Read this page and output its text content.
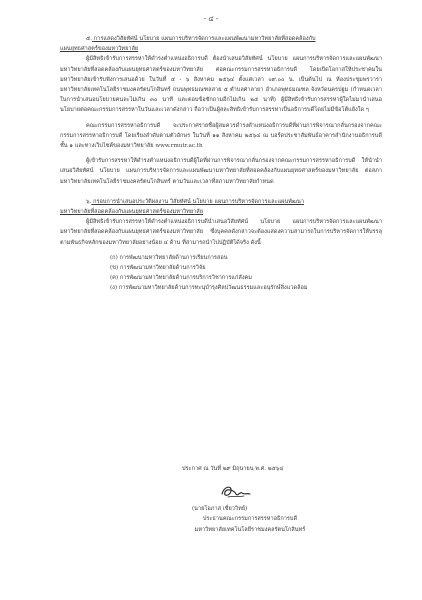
- ๔ -

๕. การแสดงวิสัยทัศน์ นโยบาย แผนการบริหารจัดการและแผนพัฒนามหาวิทยาลัยที่สอดคล้องกับ

แผนยุทธศาสตร์ของมหาวิทยาลัย

ผู้มีสิทธิเข้ารับการสรรหาให้ดำรงตำแหน่งอธิการบดี ต้องนำเสนอวิสัยทัศน์ นโยบาย แผนการบริหารจัดการและแผนพัฒนามหาวิทยาลัยที่สอดคล้องกับแผนยุทธศาสตร์ของมหาวิทยาลัย ต่อคณะกรรมการสรรหาอธิการบดี โดยเปิดโอกาสให้ประชาคมในมหาวิทยาลัยเข้ารับฟังการเสนอด้วย ในวันที่ ๕ - ๖ สิงหาคม ๒๕๖๔ ตั้งแต่เวลา ๐๙.๐๐ น. เป็นต้นไป ณ ห้องประชุมพรวารา มหาวิทยาลัยเทคโนโลยีราชมงคลรัตนโกสินทร์ ถนนพุทธมณฑลสาย ๕ ตำบลศาลายา อำเภอพุทธมณฑล จังหวัดนครปฐม (กำหนดเวลาในการนำเสนอนโยบายคนละไม่เกิน ๓๐ นาที และตอบข้อซักถามอีกไม่เกิน ๒๕ นาที) ผู้มีสิทธิเข้ารับการสรรหาผู้ใดไม่มานำเสนอนโยบายต่อคณะกรรมการสรรหาในวันและเวลาดังกล่าว ถือว่าเป็นผู้สละสิทธิเข้ารับการสรรหาเป็นอธิการบดีโดยไม่มีข้อโต้แย้งใด ๆ

คณะกรรมการสรรหาอธิการบดี จะประกาศรายชื่อผู้สมควรดำรงตำแหน่งอธิการบดีที่ผ่านการพิจารณากลั่นกรองจากคณะกรรมการสรรหาอธิการบดี โดยเรียงลำดับตามตัวอักษร ในวันที่ ๑๑ สิงหาคม ๒๕๖๔ ณ บอร์ดประชาสัมพันธ์อาคารสำนักงานอธิการบดี ชั้น ๑ และทางเว็บไซต์ของมหาวิทยาลัย www.rmutr.ac.th

ผู้เข้ารับการสรรหาให้ดำรงตำแหน่งอธิการบดีผู้ใดที่ผ่านการพิจารณากลั่นกรองจากคณะกรรมการสรรหาอธิการบดี ให้นำนำเสนอวิสัยทัศน์ นโยบาย แผนการบริหารจัดการและแผนพัฒนามหาวิทยาลัยที่สอดคล้องกับแผนยุทธศาสตร์ของมหาวิทยาลัย ต่อสภามหาวิทยาลัยเทคโนโลยีราชมงคลรัตนโกสินทร์ ตามวันและเวลาที่สภามหาวิทยาลัยกำหนด

๖. กรอบการนำเสนอประวัติผลงาน วิสัยทัศน์ นโยบาย แผนการบริหารจัดการและแผนพัฒนา

มหาวิทยาลัยที่สอดคล้องกับแผนยุทธศาสตร์ของมหาวิทยาลัย

ผู้มีสิทธิเข้ารับการสรรหาให้ดำรงตำแหน่งอธิการบดีนำเสนอวิสัยทัศน์ นโยบาย แผนการบริหารจัดการและแผนพัฒนามหาวิทยาลัยที่สอดคล้องกับแผนยุทธศาสตร์ของมหาวิทยาลัย ซึ่งบุคคลดังกล่าวจะต้องแสดงความสามารถในการบริหารจัดการให้บรรลุตามพันธกิจหลักของมหาวิทยาลัยอย่างน้อย ๔ ด้าน ที่สามารถนำไปปฏิบัติได้จริง ดังนี้

(ก) การพัฒนามหาวิทยาลัยด้านการเรียนการสอน
(ข) การพัฒนามหาวิทยาลัยด้านการวิจัย
(ค) การพัฒนามหาวิทยาลัยด้านการบริการวิชาการแก่สังคม
(ง) การพัฒนามหาวิทยาลัยด้านการทะนุบำรุงศิลปวัฒนธรรมและอนุรักษ์สิ่งแวดล้อม
ประกาศ ณ วันที่ ๒๙ มิถุนายน พ.ศ. ๒๕๖๔
(นายโอภาส เชี่ยววิทย์)
ประธานคณะกรรมการสรรหาอธิการบดี
มหาวิทยาลัยเทคโนโลยีราชมงคลรัตนโกสินทร์
